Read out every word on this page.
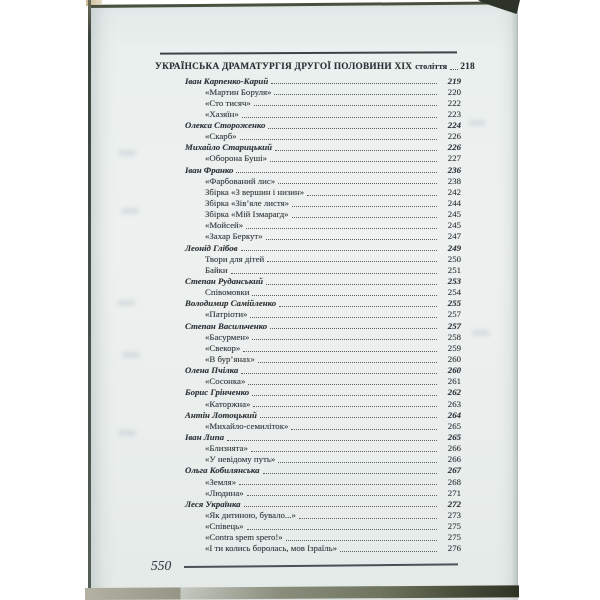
УКРАЇНСЬКА ДРАМАТУРГІЯ ДРУГОЇ ПОЛОВИНИ XIX століття 218
Іван Карпенко-Карий	219
«Мартин Боруля»	220
«Сто тисяч»	222
«Хазяїн»	223
Олекса Стороженко	224
«Скарб»	226
Михайло Старицький	226
«Оборона Буші»	227
Іван Франко	236
«Фарбований лис»	238
Збірка «З вершин і низин»	242
Збірка «Зів’яле листя»	244
Збірка «Мій Ізмарагд»	245
«Мойсей»	245
«Захар Беркут»	247
Леонід Глібов	249
Твори для дітей	250
Байки	251
Степан Руданський	253
Співомовки	254
Володимир Самійленко	255
«Патріоти»	257
Степан Васильченко	257
«Басурмен»	258
«Свекор»	259
«В бур’янах»	260
Олена Пчілка	260
«Сосонка»	261
Борис Грінченко	262
«Каторжна»	263
Антін Лотоцький	264
«Михайло-семиліток»	265
Іван Липа	265
«Близнята»	266
«У невідому путь»	266
Ольга Кобилянська	267
«Земля»	268
«Людина»	271
Леся Українка	272
«Як дитиною, бувало...»	273
«Співець»	275
«Contra spem spero!»	275
«І ти колись боролась, мов Ізраїль»	276
550
